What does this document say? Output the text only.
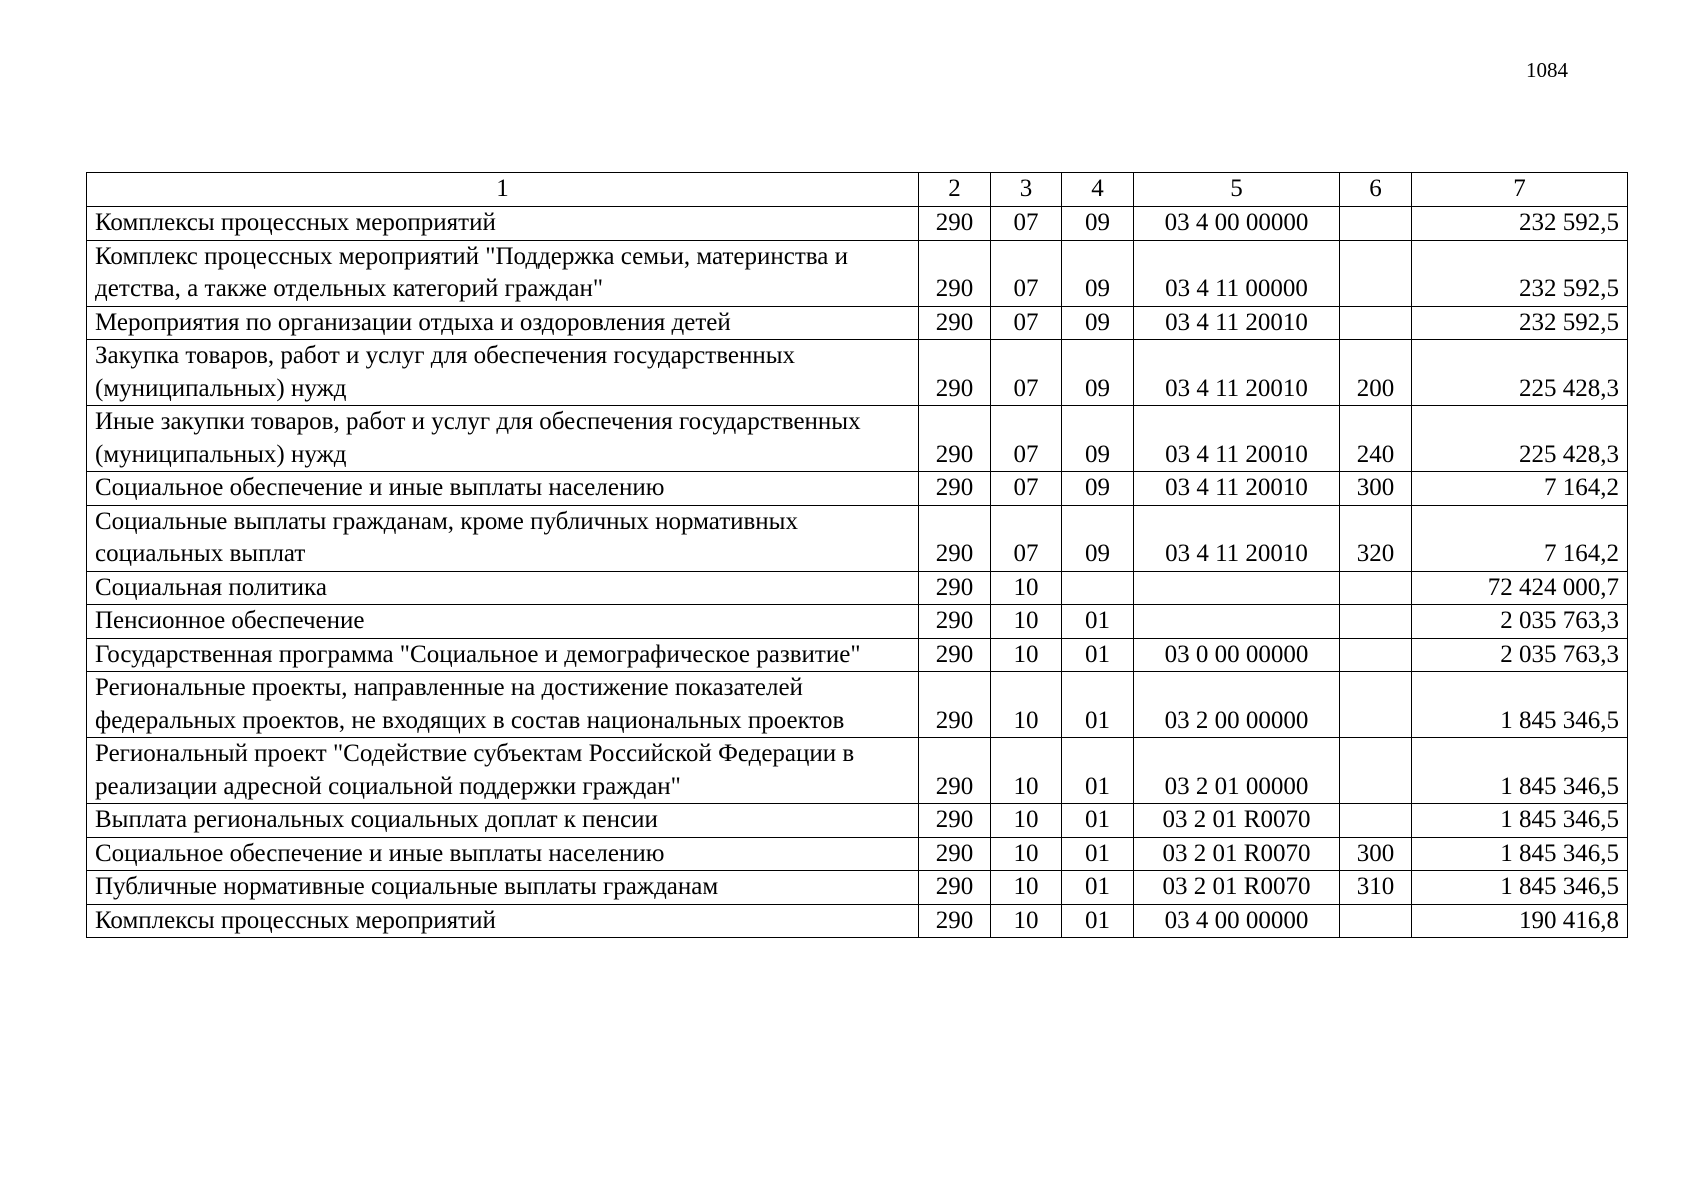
1084
1	2	3	4	5	6	7
Комплексы процессных мероприятий	290	07	09	03 4 00 00000		232 592,5
Комплекс процессных мероприятий "Поддержка семьи, материнства и детства, а также отдельных категорий граждан"	290	07	09	03 4 11 00000		232 592,5
Мероприятия по организации отдыха и оздоровления детей	290	07	09	03 4 11 20010		232 592,5
Закупка товаров, работ и услуг для обеспечения государственных (муниципальных) нужд	290	07	09	03 4 11 20010	200	225 428,3
Иные закупки товаров, работ и услуг для обеспечения государственных (муниципальных) нужд	290	07	09	03 4 11 20010	240	225 428,3
Социальное обеспечение и иные выплаты населению	290	07	09	03 4 11 20010	300	7 164,2
Социальные выплаты гражданам, кроме публичных нормативных социальных выплат	290	07	09	03 4 11 20010	320	7 164,2
Социальная политика	290	10				72 424 000,7
Пенсионное обеспечение	290	10	01			2 035 763,3
Государственная программа "Социальное и демографическое развитие"	290	10	01	03 0 00 00000		2 035 763,3
Региональные проекты, направленные на достижение показателей федеральных проектов, не входящих в состав национальных проектов	290	10	01	03 2 00 00000		1 845 346,5
Региональный проект "Содействие субъектам Российской Федерации в реализации адресной социальной поддержки граждан"	290	10	01	03 2 01 00000		1 845 346,5
Выплата региональных социальных доплат к пенсии	290	10	01	03 2 01 R0070		1 845 346,5
Социальное обеспечение и иные выплаты населению	290	10	01	03 2 01 R0070	300	1 845 346,5
Публичные нормативные социальные выплаты гражданам	290	10	01	03 2 01 R0070	310	1 845 346,5
Комплексы процессных мероприятий	290	10	01	03 4 00 00000		190 416,8
